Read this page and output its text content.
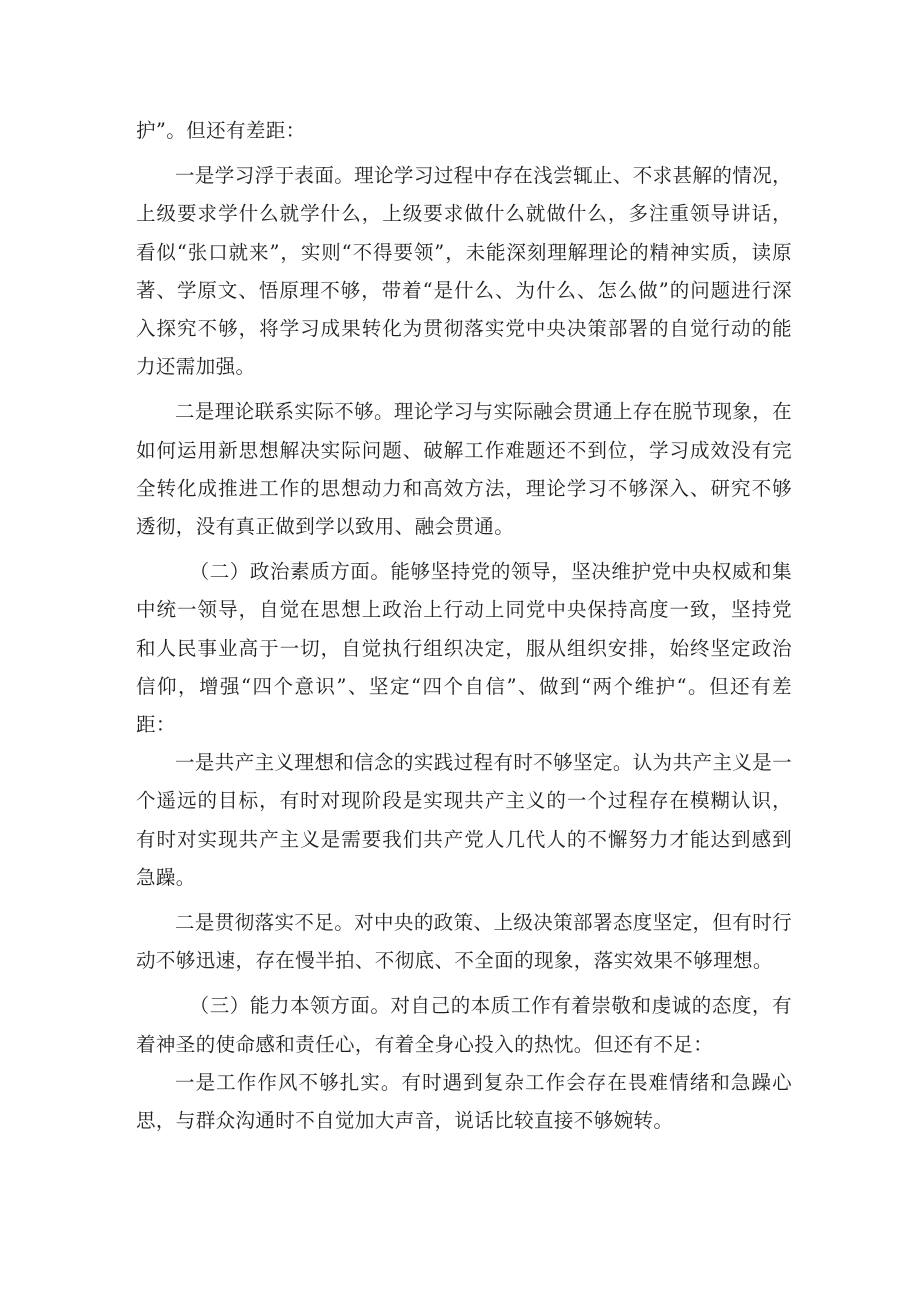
护”。但还有差距：

一是学习浮于表面。理论学习过程中存在浅尝辄止、不求甚解的情况，上级要求学什么就学什么，上级要求做什么就做什么，多注重领导讲话，看似“张口就来”，实则“不得要领”，未能深刻理解理论的精神实质，读原著、学原文、悟原理不够，带着“是什么、为什么、怎么做”的问题进行深入探究不够，将学习成果转化为贯彻落实党中央决策部署的自觉行动的能力还需加强。

二是理论联系实际不够。理论学习与实际融会贯通上存在脱节现象，在如何运用新思想解决实际问题、破解工作难题还不到位，学习成效没有完全转化成推进工作的思想动力和高效方法，理论学习不够深入、研究不够透彻，没有真正做到学以致用、融会贯通。

（二）政治素质方面。能够坚持党的领导，坚决维护党中央权威和集中统一领导，自觉在思想上政治上行动上同党中央保持高度一致，坚持党和人民事业高于一切，自觉执行组织决定，服从组织安排，始终坚定政治信仰，增强“四个意识”、坚定“四个自信”、做到“两个维护“。但还有差距：

一是共产主义理想和信念的实践过程有时不够坚定。认为共产主义是一个遥远的目标，有时对现阶段是实现共产主义的一个过程存在模糊认识，有时对实现共产主义是需要我们共产党人几代人的不懈努力才能达到感到急躁。

二是贯彻落实不足。对中央的政策、上级决策部署态度坚定，但有时行动不够迅速，存在慢半拍、不彻底、不全面的现象，落实效果不够理想。

（三）能力本领方面。对自己的本质工作有着崇敬和虔诚的态度，有着神圣的使命感和责任心，有着全身心投入的热忱。但还有不足：

一是工作作风不够扎实。有时遇到复杂工作会存在畏难情绪和急躁心思，与群众沟通时不自觉加大声音，说话比较直接不够婉转。
